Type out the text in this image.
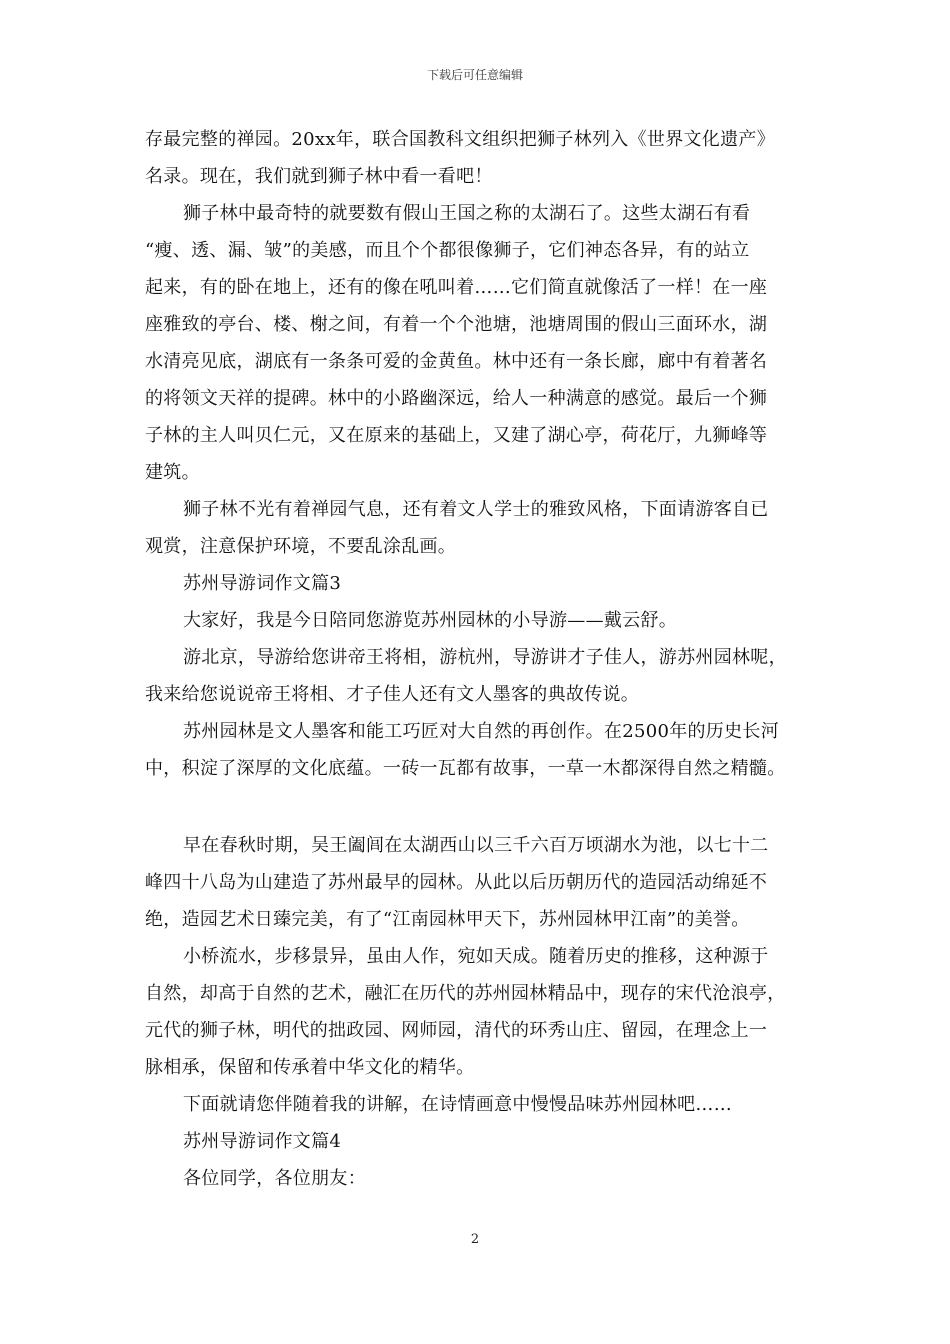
下载后可任意编辑
存最完整的禅园。20xx年，联合国教科文组织把狮子林列入《世界文化遗产》
名录。现在，我们就到狮子林中看一看吧！
狮子林中最奇特的就要数有假山王国之称的太湖石了。这些太湖石有看
“瘦、透、漏、皱”的美感，而且个个都很像狮子，它们神态各异，有的站立
起来，有的卧在地上，还有的像在吼叫着……它们简直就像活了一样！在一座
座雅致的亭台、楼、榭之间，有着一个个池塘，池塘周围的假山三面环水，湖
水清亮见底，湖底有一条条可爱的金黄鱼。林中还有一条长廊，廊中有着著名
的将领文天祥的提碑。林中的小路幽深远，给人一种满意的感觉。最后一个狮
子林的主人叫贝仁元，又在原来的基础上，又建了湖心亭，荷花厅，九狮峰等
建筑。
狮子林不光有着禅园气息，还有着文人学士的雅致风格，下面请游客自已
观赏，注意保护环境，不要乱涂乱画。
苏州导游词作文篇3
大家好，我是今日陪同您游览苏州园林的小导游——戴云舒。
游北京，导游给您讲帝王将相，游杭州，导游讲才子佳人，游苏州园林呢，
我来给您说说帝王将相、才子佳人还有文人墨客的典故传说。
苏州园林是文人墨客和能工巧匠对大自然的再创作。在2500年的历史长河
中，积淀了深厚的文化底蕴。一砖一瓦都有故事，一草一木都深得自然之精髓。
早在春秋时期，吴王阖闾在太湖西山以三千六百万顷湖水为池，以七十二
峰四十八岛为山建造了苏州最早的园林。从此以后历朝历代的造园活动绵延不
绝，造园艺术日臻完美，有了“江南园林甲天下，苏州园林甲江南”的美誉。
小桥流水，步移景异，虽由人作，宛如天成。随着历史的推移，这种源于
自然，却高于自然的艺术，融汇在历代的苏州园林精品中，现存的宋代沧浪亭，
元代的狮子林，明代的拙政园、网师园，清代的环秀山庄、留园，在理念上一
脉相承，保留和传承着中华文化的精华。
下面就请您伴随着我的讲解，在诗情画意中慢慢品味苏州园林吧……
苏州导游词作文篇4
各位同学，各位朋友：
2
